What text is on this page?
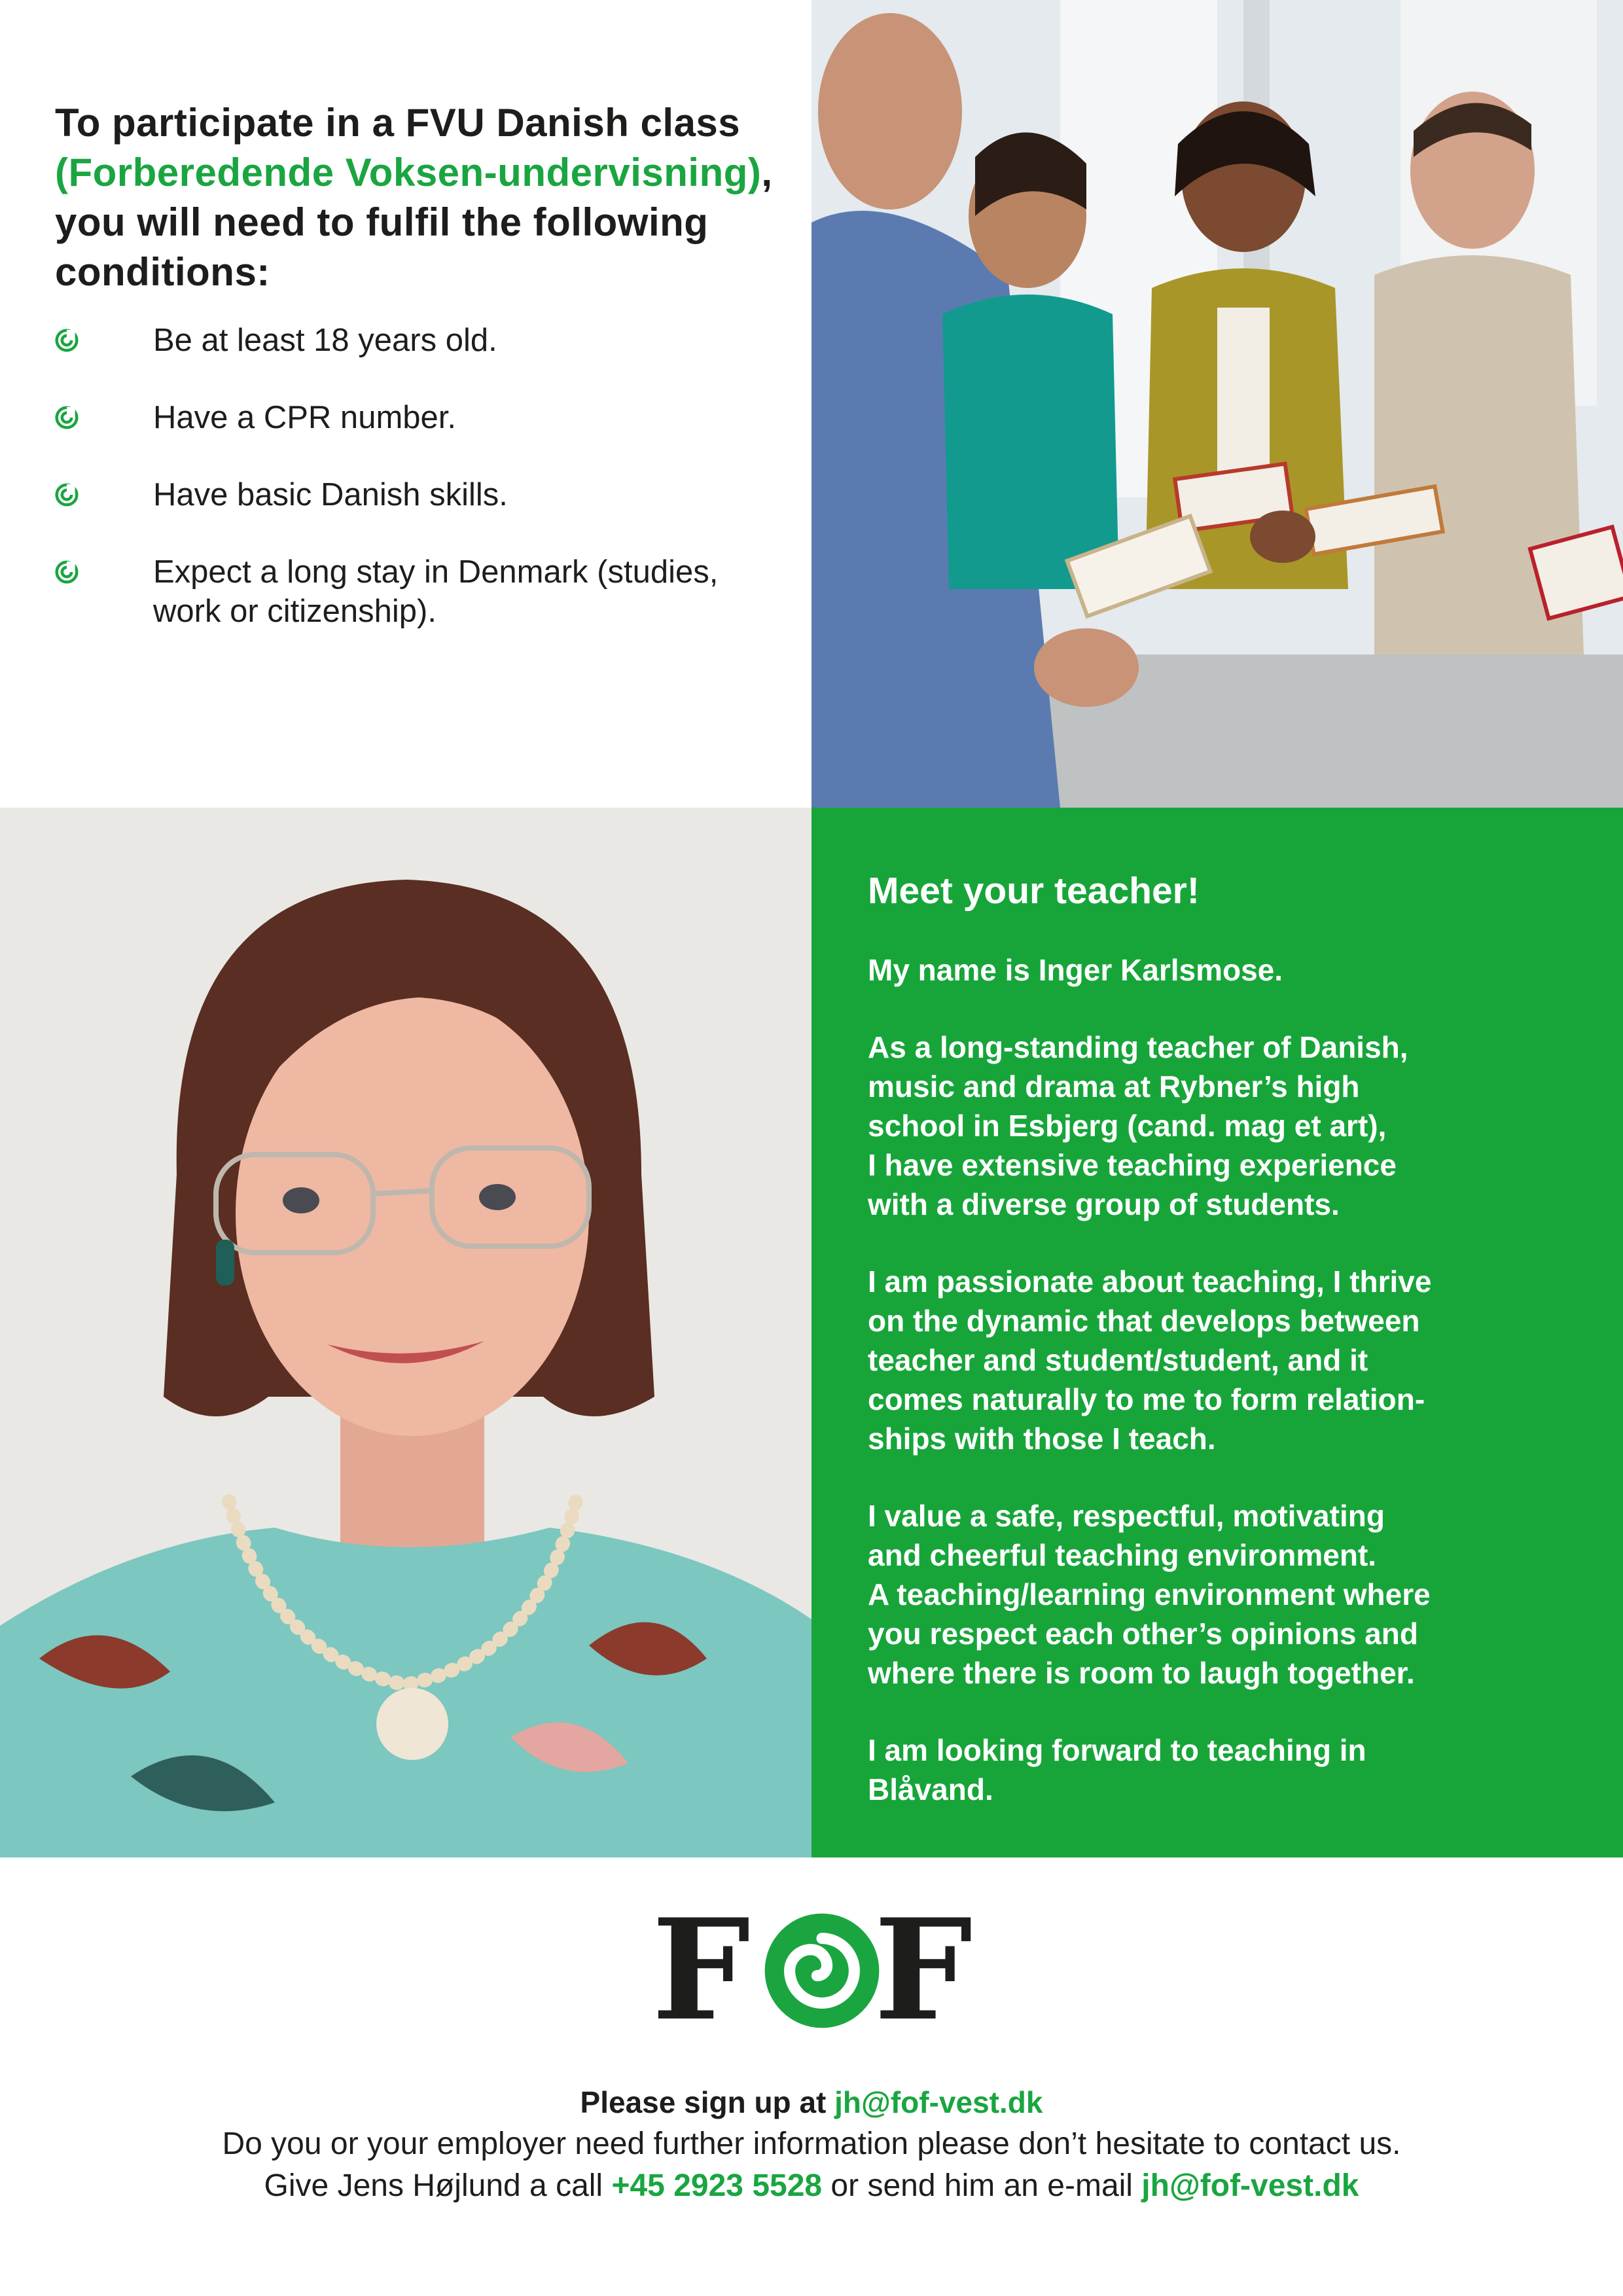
To participate in a FVU Danish class (Forberedende Voksen-undervisning), you will need to fulfil the following conditions:
Be at least 18 years old.
Have a CPR number.
Have basic Danish skills.
Expect a long stay in Denmark (studies, work or citizenship).
Meet your teacher!

My name is Inger Karlsmose.

As a long-standing teacher of Danish,
music and drama at Rybner’s high
school in Esbjerg (cand. mag et art),
I have extensive teaching experience
with a diverse group of students.

I am passionate about teaching, I thrive
on the dynamic that develops between
teacher and student/student, and it
comes naturally to me to form relation-
ships with those I teach.

I value a safe, respectful, motivating
and cheerful teaching environment.
A teaching/learning environment where
you respect each other’s opinions and
where there is room to laugh together.

I am looking forward to teaching in
Blåvand.

F F
Please sign up at jh@fof-vest.dk
Do you or your employer need further information please don’t hesitate to contact us.
Give Jens Højlund a call +45 2923 5528 or send him an e-mail jh@fof-vest.dk
